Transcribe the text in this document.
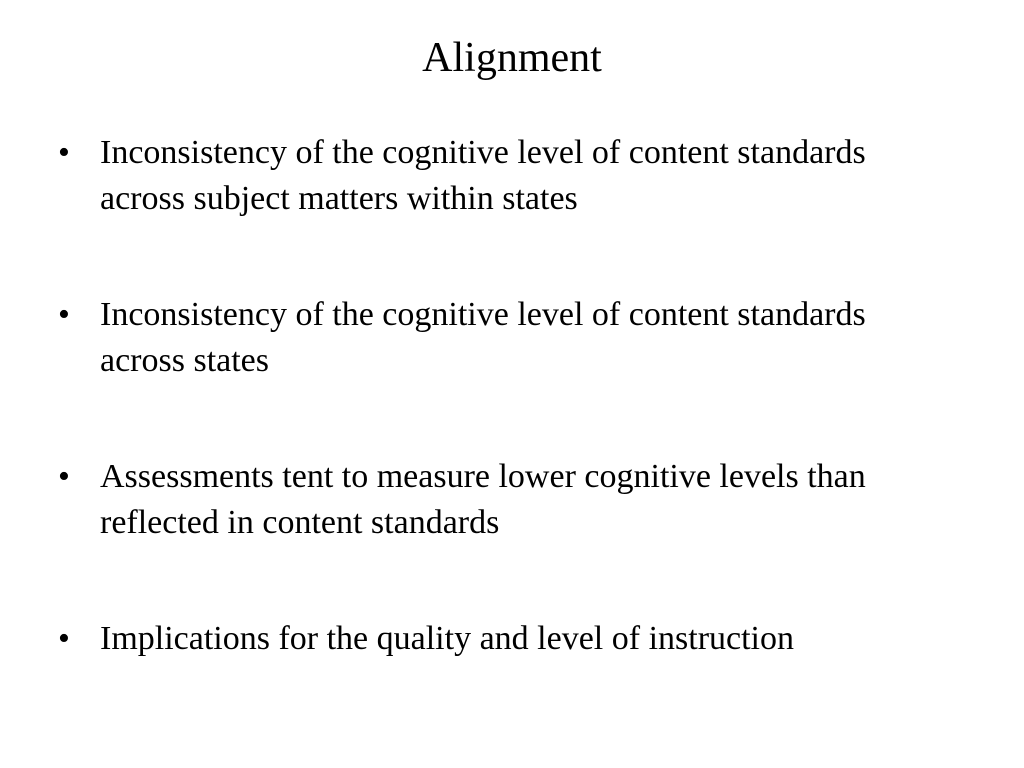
Alignment
• Inconsistency of the cognitive level of content standards across subject matters within states
• Inconsistency of the cognitive level of content standards across states
• Assessments tent to measure lower cognitive levels than reflected in content standards
• Implications for the quality and level of instruction
